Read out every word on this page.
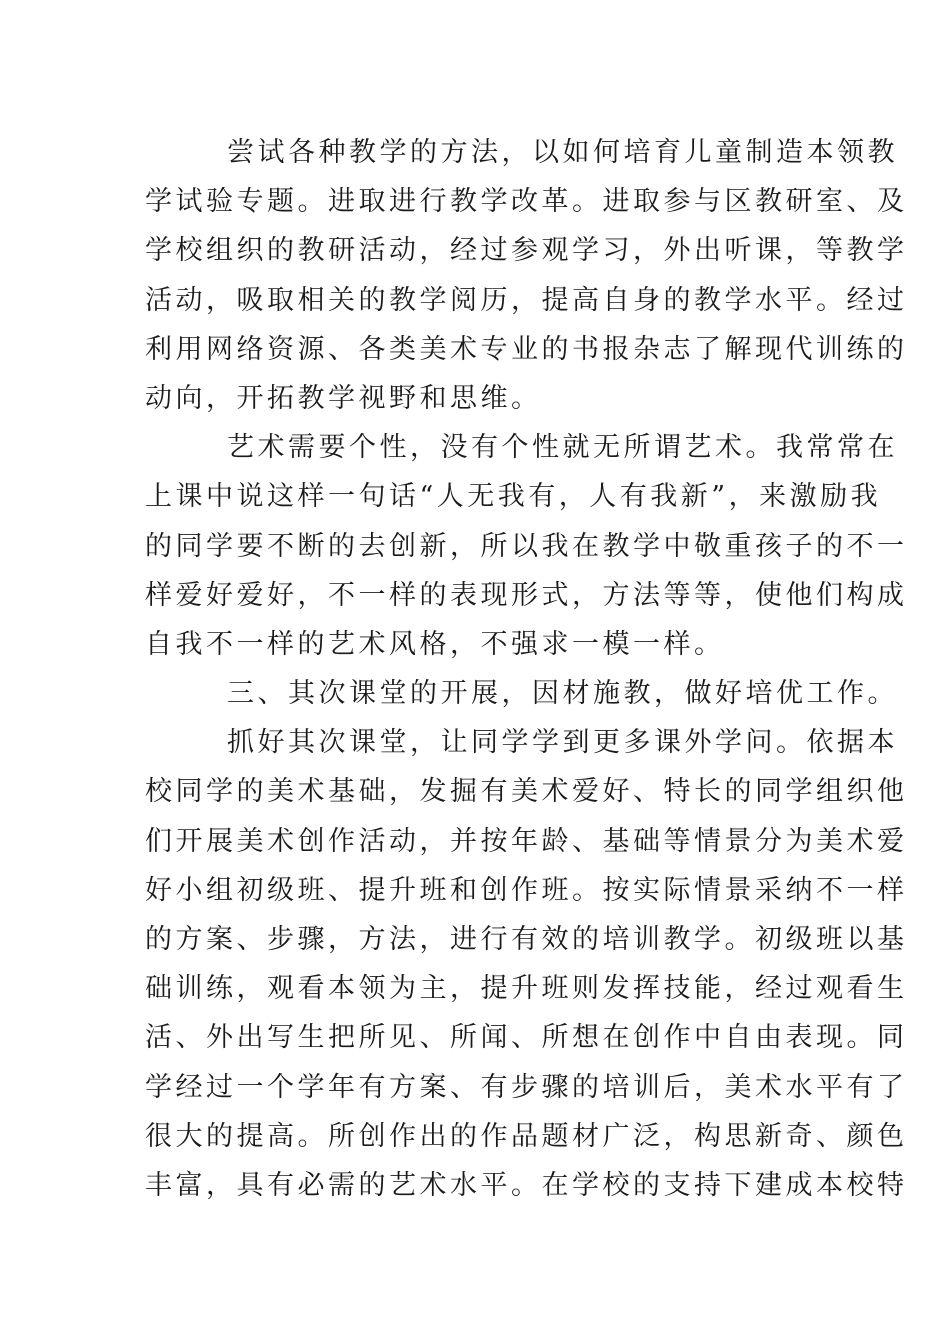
尝试各种教学的方法，以如何培育儿童制造本领教
学试验专题。进取进行教学改革。进取参与区教研室、及
学校组织的教研活动，经过参观学习，外出听课，等教学
活动，吸取相关的教学阅历，提高自身的教学水平。经过
利用网络资源、各类美术专业的书报杂志了解现代训练的
动向，开拓教学视野和思维。
艺术需要个性，没有个性就无所谓艺术。我常常在
上课中说这样一句话“人无我有，人有我新”，来激励我
的同学要不断的去创新，所以我在教学中敬重孩子的不一
样爱好爱好，不一样的表现形式，方法等等，使他们构成
自我不一样的艺术风格，不强求一模一样。
三、其次课堂的开展，因材施教，做好培优工作。
抓好其次课堂，让同学学到更多课外学问。依据本
校同学的美术基础，发掘有美术爱好、特长的同学组织他
们开展美术创作活动，并按年龄、基础等情景分为美术爱
好小组初级班、提升班和创作班。按实际情景采纳不一样
的方案、步骤，方法，进行有效的培训教学。初级班以基
础训练，观看本领为主，提升班则发挥技能，经过观看生
活、外出写生把所见、所闻、所想在创作中自由表现。同
学经过一个学年有方案、有步骤的培训后，美术水平有了
很大的提高。所创作出的作品题材广泛，构思新奇、颜色
丰富，具有必需的艺术水平。在学校的支持下建成本校特
